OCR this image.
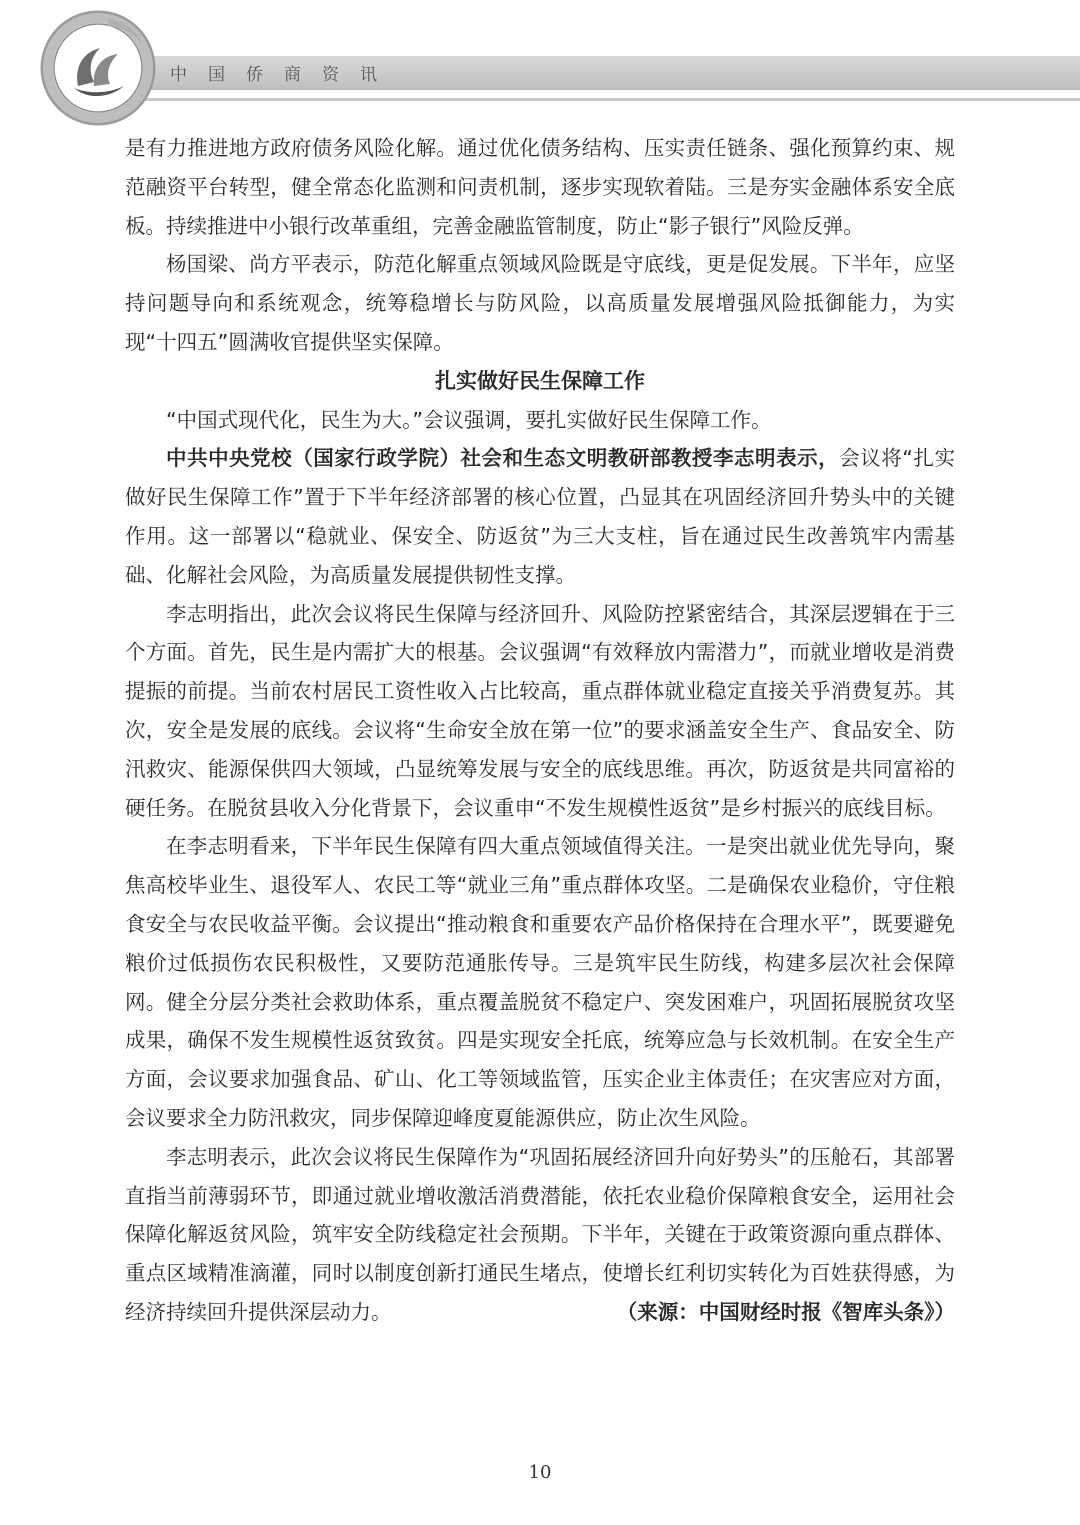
中国侨商资讯

是有力推进地方政府债务风险化解。通过优化债务结构、压实责任链条、强化预算约束、规范融资平台转型，健全常态化监测和问责机制，逐步实现软着陆。三是夯实金融体系安全底板。持续推进中小银行改革重组，完善金融监管制度，防止“影子银行”风险反弹。

杨国梁、尚方平表示，防范化解重点领域风险既是守底线，更是促发展。下半年，应坚持问题导向和系统观念，统筹稳增长与防风险，以高质量发展增强风险抵御能力，为实现“十四五”圆满收官提供坚实保障。

扎实做好民生保障工作

“中国式现代化，民生为大。”会议强调，要扎实做好民生保障工作。

中共中央党校（国家行政学院）社会和生态文明教研部教授李志明表示，会议将“扎实做好民生保障工作”置于下半年经济部署的核心位置，凸显其在巩固经济回升势头中的关键作用。这一部署以“稳就业、保安全、防返贫”为三大支柱，旨在通过民生改善筑牢内需基础、化解社会风险，为高质量发展提供韧性支撑。

李志明指出，此次会议将民生保障与经济回升、风险防控紧密结合，其深层逻辑在于三个方面。首先，民生是内需扩大的根基。会议强调“有效释放内需潜力”，而就业增收是消费提振的前提。当前农村居民工资性收入占比较高，重点群体就业稳定直接关乎消费复苏。其次，安全是发展的底线。会议将“生命安全放在第一位”的要求涵盖安全生产、食品安全、防汛救灾、能源保供四大领域，凸显统筹发展与安全的底线思维。再次，防返贫是共同富裕的硬任务。在脱贫县收入分化背景下，会议重申“不发生规模性返贫”是乡村振兴的底线目标。

在李志明看来，下半年民生保障有四大重点领域值得关注。一是突出就业优先导向，聚焦高校毕业生、退役军人、农民工等“就业三角”重点群体攻坚。二是确保农业稳价，守住粮食安全与农民收益平衡。会议提出“推动粮食和重要农产品价格保持在合理水平”，既要避免粮价过低损伤农民积极性，又要防范通胀传导。三是筑牢民生防线，构建多层次社会保障网。健全分层分类社会救助体系，重点覆盖脱贫不稳定户、突发困难户，巩固拓展脱贫攻坚成果，确保不发生规模性返贫致贫。四是实现安全托底，统筹应急与长效机制。在安全生产方面，会议要求加强食品、矿山、化工等领域监管，压实企业主体责任；在灾害应对方面，会议要求全力防汛救灾，同步保障迎峰度夏能源供应，防止次生风险。

李志明表示，此次会议将民生保障作为“巩固拓展经济回升向好势头”的压舱石，其部署直指当前薄弱环节，即通过就业增收激活消费潜能，依托农业稳价保障粮食安全，运用社会保障化解返贫风险，筑牢安全防线稳定社会预期。下半年，关键在于政策资源向重点群体、重点区域精准滴灌，同时以制度创新打通民生堵点，使增长红利切实转化为百姓获得感，为经济持续回升提供深层动力。	（来源：中国财经时报《智库头条》）

10
